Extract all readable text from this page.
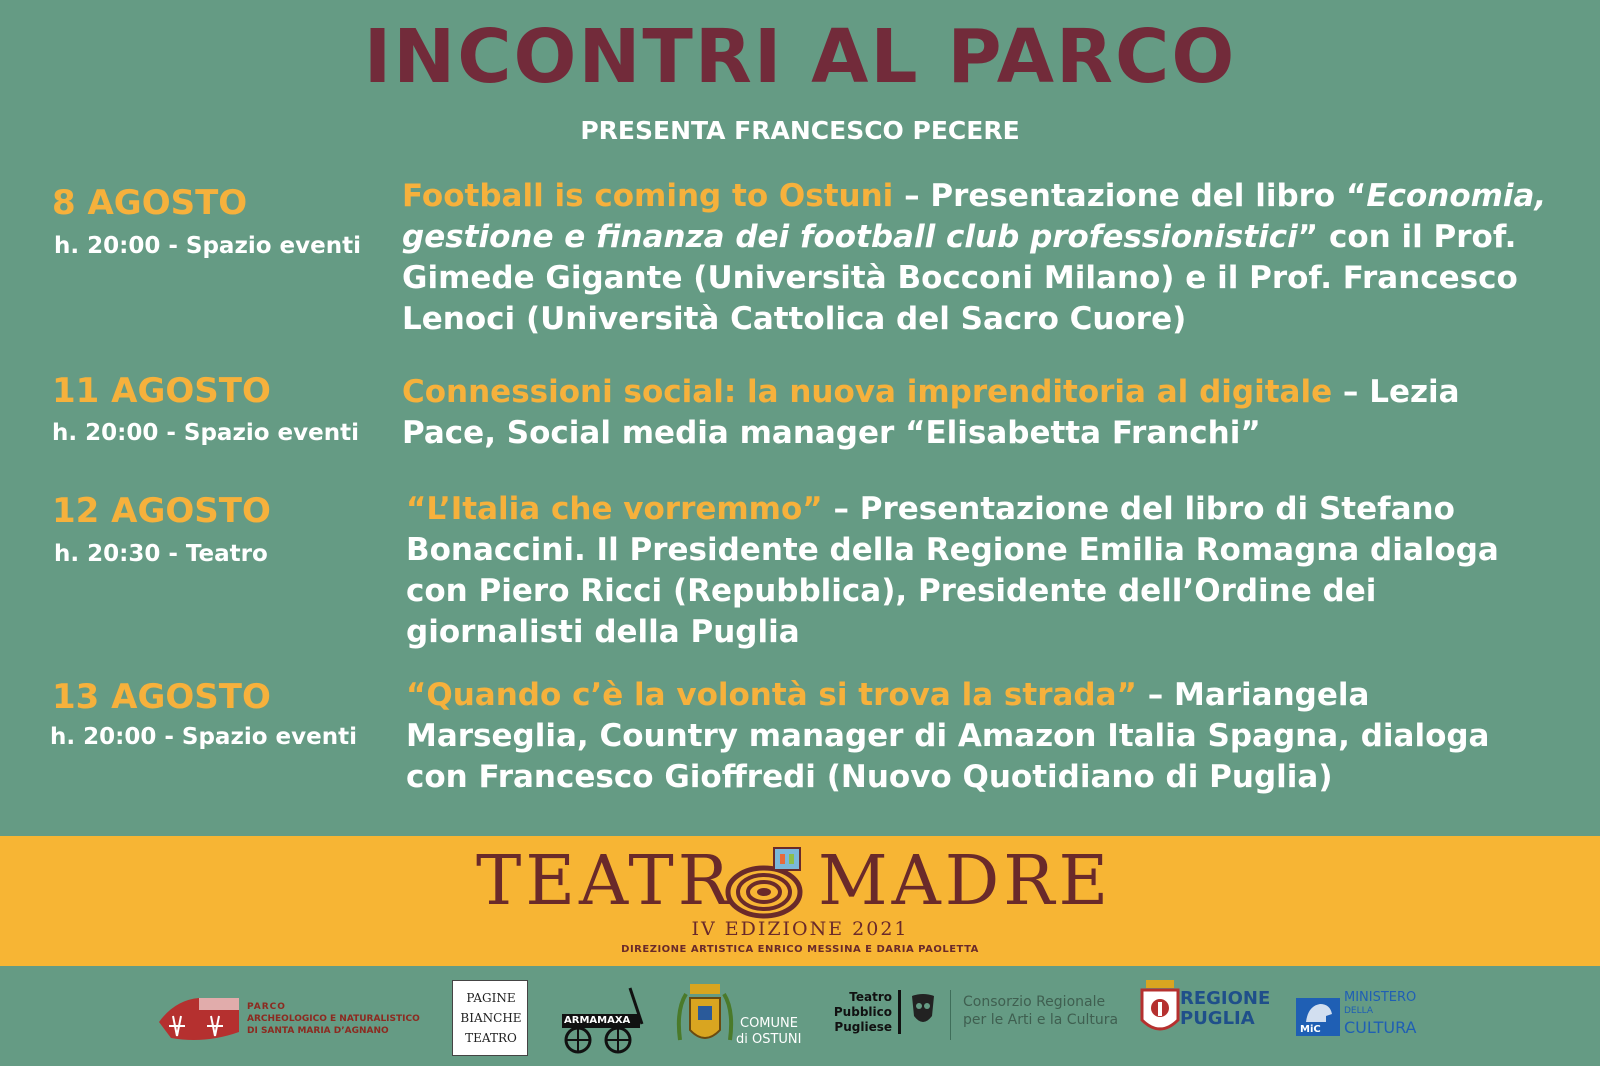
INCONTRI AL PARCO
PRESENTA FRANCESCO PECERE
8 AGOSTO
h. 20:00 - Spazio eventi
Football is coming to Ostuni – Presentazione del libro “Economia, gestione e finanza dei football club professionistici” con il Prof. Gimede Gigante (Università Bocconi Milano) e il Prof. Francesco Lenoci (Università Cattolica del Sacro Cuore)
11 AGOSTO
h. 20:00 - Spazio eventi
Connessioni social: la nuova imprenditoria al digitale – Lezia Pace, Social media manager “Elisabetta Franchi”
12 AGOSTO
h. 20:30 - Teatro
“L’Italia che vorremmo” – Presentazione del libro di Stefano Bonaccini. Il Presidente della Regione Emilia Romagna dialoga con Piero Ricci (Repubblica), Presidente dell’Ordine dei giornalisti della Puglia
13 AGOSTO
h. 20:00 - Spazio eventi
“Quando c’è la volontà si trova la strada” – Mariangela Marseglia, Country manager di Amazon Italia Spagna, dialoga con Francesco Gioffredi (Nuovo Quotidiano di Puglia)
TEATR MADRE
IV EDIZIONE 2021
DIREZIONE ARTISTICA ENRICO MESSINA E DARIA PAOLETTA
PARCO
ARCHEOLOGICO E NATURALISTICO
DI SANTA MARIA D’AGNANO
PAGINE
BIANCHE
TEATRO
ARMAMAXA	COMUNE
di OSTUNI
Teatro
Pubblico
Pugliese
Consorzio Regionale
per le Arti e la Cultura
REGIONE
PUGLIA
MiC
MINISTERO
DELLA
CULTURA
